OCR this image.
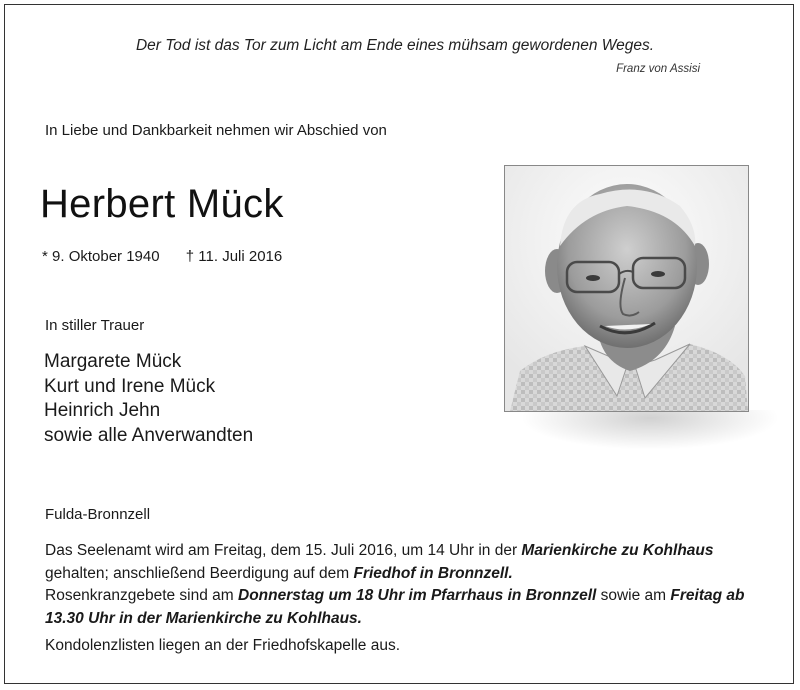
Der Tod ist das Tor zum Licht am Ende eines mühsam gewordenen Weges.
Franz von Assisi
In Liebe und Dankbarkeit nehmen wir Abschied von
Herbert Mück
* 9. Oktober 1940 † 11. Juli 2016
In stiller Trauer
Margarete Mück
Kurt und Irene Mück
Heinrich Jehn
sowie alle Anverwandten
Fulda-Bronnzell

Das Seelenamt wird am Freitag, dem 15. Juli 2016, um 14 Uhr in der Marienkirche zu Kohlhaus gehalten; anschließend Beerdigung auf dem Friedhof in Bronnzell.

Rosenkranzgebete sind am Donnerstag um 18 Uhr im Pfarrhaus in Bronnzell sowie am Freitag ab 13.30 Uhr in der Marienkirche zu Kohlhaus.

Kondolenzlisten liegen an der Friedhofskapelle aus.
